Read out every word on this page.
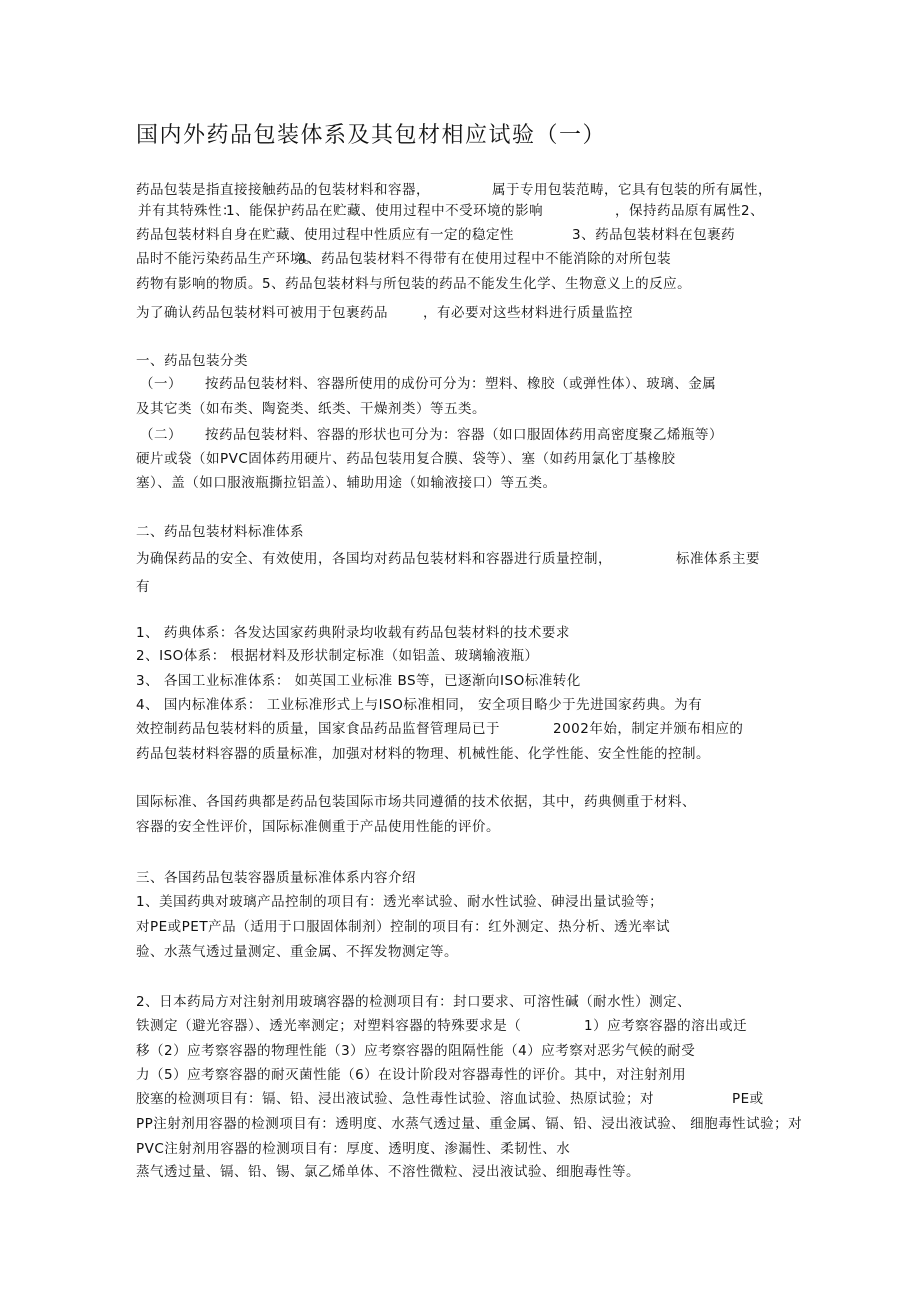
国内外药品包装体系及其包材相应试验（一）
药品包装是指直接接触药品的包装材料和容器，	属于专用包装范畴，它具有包装的所有属性，
并有其特殊性：
1、能保护药品在贮藏、使用过程中不受环境的影响	，保持药品原有属性2、
药品包装材料自身在贮藏、使用过程中性质应有一定的稳定性	3、药品包装材料在包裹药
品时不能污染药品生产环境。
4、药品包装材料不得带有在使用过程中不能消除的对所包装
药物有影响的物质。5、药品包装材料与所包装的药品不能发生化学、生物意义上的反应。
为了确认药品包装材料可被用于包裹药品	，有必要对这些材料进行质量监控
一、药品包装分类
（一） 按药品包装材料、容器所使用的成份可分为：塑料、橡胶（或弹性体）、玻璃、金属
及其它类（如布类、陶瓷类、纸类、干燥剂类）等五类。
（二） 按药品包装材料、容器的形状也可分为：容器（如口服固体药用高密度聚乙烯瓶等）
硬片或袋（如PVC固体药用硬片、药品包装用复合膜、袋等）、塞（如药用氯化丁基橡胶
塞）、盖（如口服液瓶撕拉铝盖）、辅助用途（如输液接口）等五类。
二、药品包装材料标准体系
为确保药品的安全、有效使用，各国均对药品包装材料和容器进行质量控制，	标准体系主要
有
1、 药典体系：各发达国家药典附录均收载有药品包装材料的技术要求
2、ISO体系： 根据材料及形状制定标准（如铝盖、玻璃输液瓶）
3、 各国工业标准体系： 如英国工业标准 BS等，已逐渐向ISO标准转化
4、 国内标准体系： 工业标准形式上与ISO标准相同， 安全项目略少于先进国家药典。为有
效控制药品包装材料的质量，国家食品药品监督管理局已于	2002年始，制定并颁布相应的
药品包装材料容器的质量标准，加强对材料的物理、机械性能、化学性能、安全性能的控制。
国际标准、各国药典都是药品包装国际市场共同遵循的技术依据，其中，药典侧重于材料、
容器的安全性评价，国际标准侧重于产品使用性能的评价。
三、各国药品包装容器质量标准体系内容介绍
1、美国药典对玻璃产品控制的项目有：透光率试验、耐水性试验、砷浸出量试验等；
对PE或PET产品（适用于口服固体制剂）控制的项目有：红外测定、热分析、透光率试
验、水蒸气透过量测定、重金属、不挥发物测定等。
2、日本药局方对注射剂用玻璃容器的检测项目有：封口要求、可溶性碱（耐水性）测定、
铁测定（避光容器）、透光率测定；对塑料容器的特殊要求是（	1）应考察容器的溶出或迁
移（2）应考察容器的物理性能（3）应考察容器的阻隔性能（4）应考察对恶劣气候的耐受
力（5）应考察容器的耐灭菌性能（6）在设计阶段对容器毒性的评价。其中，对注射剂用
胶塞的检测项目有：镉、铅、浸出液试验、急性毒性试验、溶血试验、热原试验；对	PE或
PP注射剂用容器的检测项目有：透明度、水蒸气透过量、重金属、镉、铅、浸出液试验、 细胞毒性试验；对
PVC注射剂用容器的检测项目有：厚度、透明度、渗漏性、柔韧性、水
蒸气透过量、镉、铅、锡、氯乙烯单体、不溶性微粒、浸出液试验、细胞毒性等。
